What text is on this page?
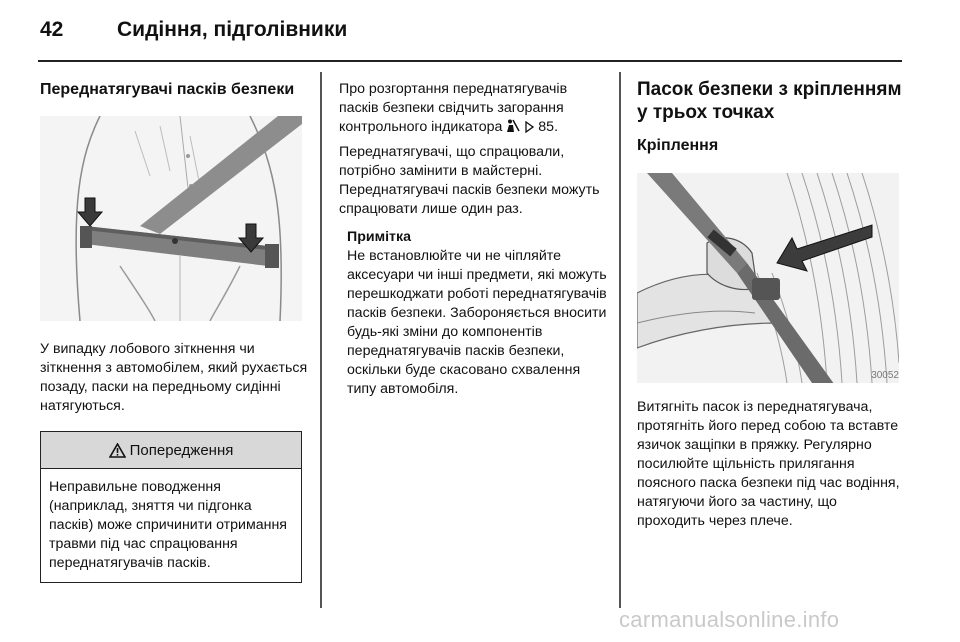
42	Сидіння, підголівники
Переднатягувачі пасків безпеки

У випадку лобового зіткнення чи зіткнення з автомобілем, який рухається позаду, паски на передньому сидінні натягуються.

Попередження

Неправильне поводження (наприклад, зняття чи підгонка пасків) може спричинити отримання травми під час спрацювання переднатягувачів пасків.

Про розгортання переднатягувачів пасків безпеки свідчить загорання контрольного індикатора   85.

Переднатягувачі, що спрацювали, потрібно замінити в майстерні. Переднатягувачі пасків безпеки можуть спрацювати лише один раз.

Примітка

Не встановлюйте чи не чіпляйте аксесуари чи інші предмети, які можуть перешкоджати роботі переднатягувачів пасків безпеки. Забороняється вносити будь-які зміни до компонентів переднатягувачів пасків безпеки, оскільки буде скасовано схвалення типу автомобіля.

Пасок безпеки з кріпленням у трьох точках
Кріплення
30052

Витягніть пасок із переднатягувача, протягніть його перед собою та вставте язичок защіпки в пряжку. Регулярно посилюйте щільність прилягання поясного паска безпеки під час водіння, натягуючи його за частину, що проходить через плече.

carmanualsonline.info
